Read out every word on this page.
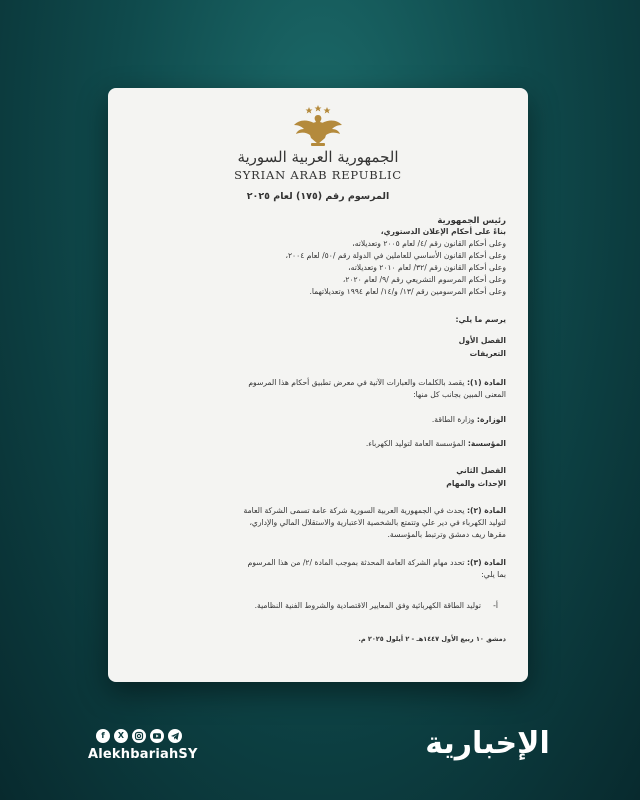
الجمهورية العربية السورية
SYRIAN ARAB REPUBLIC
المرسوم رقم (١٧٥) لعام ٢٠٢٥
رئيس الجمهورية
بناءً على أحكام الإعلان الدستوري،
وعلى أحكام القانون رقم /٤/ لعام ٢٠٠٥ وتعديلاته،
وعلى أحكام القانون الأساسي للعاملين في الدولة رقم /٥٠/ لعام ٢٠٠٤،
وعلى أحكام القانون رقم /٣٢/ لعام ٢٠١٠ وتعديلاته،
وعلى أحكام المرسوم التشريعي رقم /٩/ لعام ٢٠٢٠،
وعلى أحكام المرسومين رقم /١٣/ و/١٤/ لعام ١٩٩٤ وتعديلاتهما.
يرسم ما يلي:
الفصل الأول
التعريفات
المادة (١): يقصد بالكلمات والعبارات الآتية في معرض تطبيق أحكام هذا المرسوم
المعنى المبين بجانب كل منها:
الوزارة: وزارة الطاقة.
المؤسسة: المؤسسة العامة لتوليد الكهرباء.
الفصل الثاني
الإحداث والمهام
المادة (٢): يحدث في الجمهورية العربية السورية شركة عامة تسمى الشركة العامة
لتوليد الكهرباء في دير علي وتتمتع بالشخصية الاعتبارية والاستقلال المالي والإداري،
مقرها ريف دمشق وترتبط بالمؤسسة.
المادة (٣): تحدد مهام الشركة العامة المحدثة بموجب المادة /٢/ من هذا المرسوم
بما يلي:
أ-     توليد الطاقة الكهربائية وفق المعايير الاقتصادية والشروط الفنية النظامية.
دمشق ١٠ ربيع الأول ١٤٤٧هـ - ٢ أيلول ٢٠٢٥ م.
f	X
AlekhbariahSY	الإخبارية
